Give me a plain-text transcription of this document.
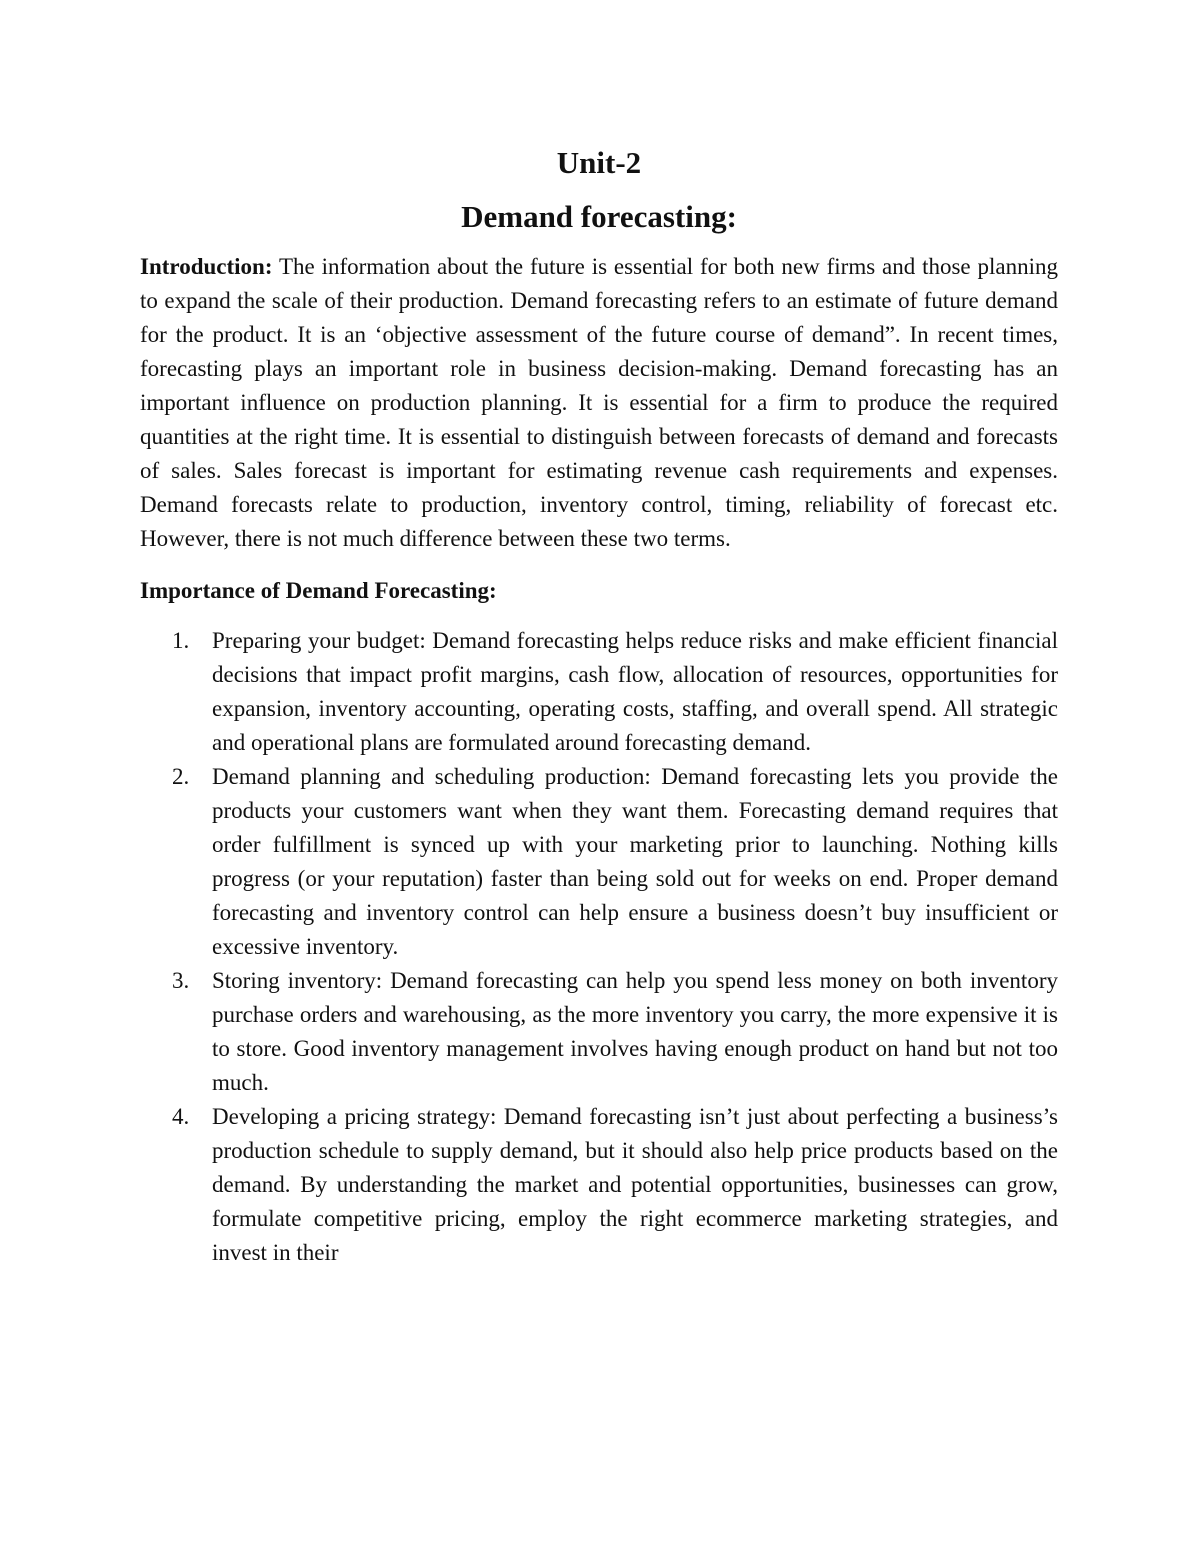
Unit-2
Demand forecasting:

Introduction: The information about the future is essential for both new firms and those planning to expand the scale of their production. Demand forecasting refers to an estimate of future demand for the product. It is an ‘objective assessment of the future course of demand”. In recent times, forecasting plays an important role in business decision-making. Demand forecasting has an important influence on production planning. It is essential for a firm to produce the required quantities at the right time. It is essential to distinguish between forecasts of demand and forecasts of sales. Sales forecast is important for estimating revenue cash requirements and expenses. Demand forecasts relate to production, inventory control, timing, reliability of forecast etc. However, there is not much difference between these two terms.

Importance of Demand Forecasting:
1. Preparing your budget: Demand forecasting helps reduce risks and make efficient financial decisions that impact profit margins, cash flow, allocation of resources, opportunities for expansion, inventory accounting, operating costs, staffing, and overall spend. All strategic and operational plans are formulated around forecasting demand.
2. Demand planning and scheduling production: Demand forecasting lets you provide the products your customers want when they want them. Forecasting demand requires that order fulfillment is synced up with your marketing prior to launching. Nothing kills progress (or your reputation) faster than being sold out for weeks on end. Proper demand forecasting and inventory control can help ensure a business doesn’t buy insufficient or excessive inventory.
3. Storing inventory: Demand forecasting can help you spend less money on both inventory purchase orders and warehousing, as the more inventory you carry, the more expensive it is to store. Good inventory management involves having enough product on hand but not too much.
4. Developing a pricing strategy: Demand forecasting isn’t just about perfecting a business’s production schedule to supply demand, but it should also help price products based on the demand. By understanding the market and potential opportunities, businesses can grow, formulate competitive pricing, employ the right ecommerce marketing strategies, and invest in their
